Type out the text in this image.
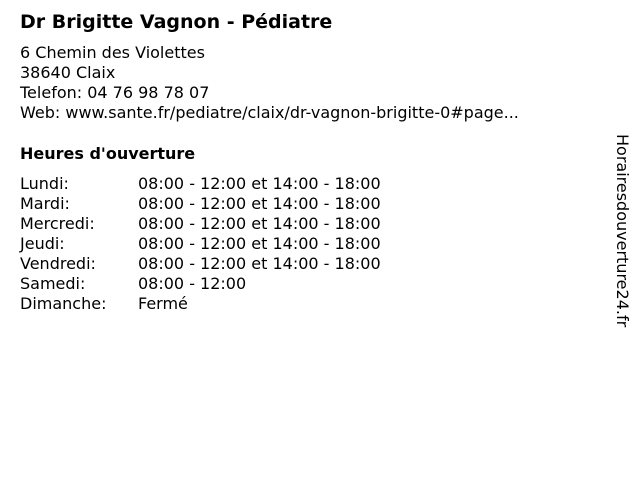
Dr Brigitte Vagnon - Pédiatre
6 Chemin des Violettes
38640 Claix
Telefon: 04 76 98 78 07
Web: www.sante.fr/pediatre/claix/dr-vagnon-brigitte-0#page...
Heures d'ouverture
Lundi:	08:00 - 12:00 et 14:00 - 18:00
Mardi:	08:00 - 12:00 et 14:00 - 18:00
Mercredi:	08:00 - 12:00 et 14:00 - 18:00
Jeudi:	08:00 - 12:00 et 14:00 - 18:00
Vendredi:	08:00 - 12:00 et 14:00 - 18:00
Samedi:	08:00 - 12:00
Dimanche: Fermé	Horairesdouverture24.fr
